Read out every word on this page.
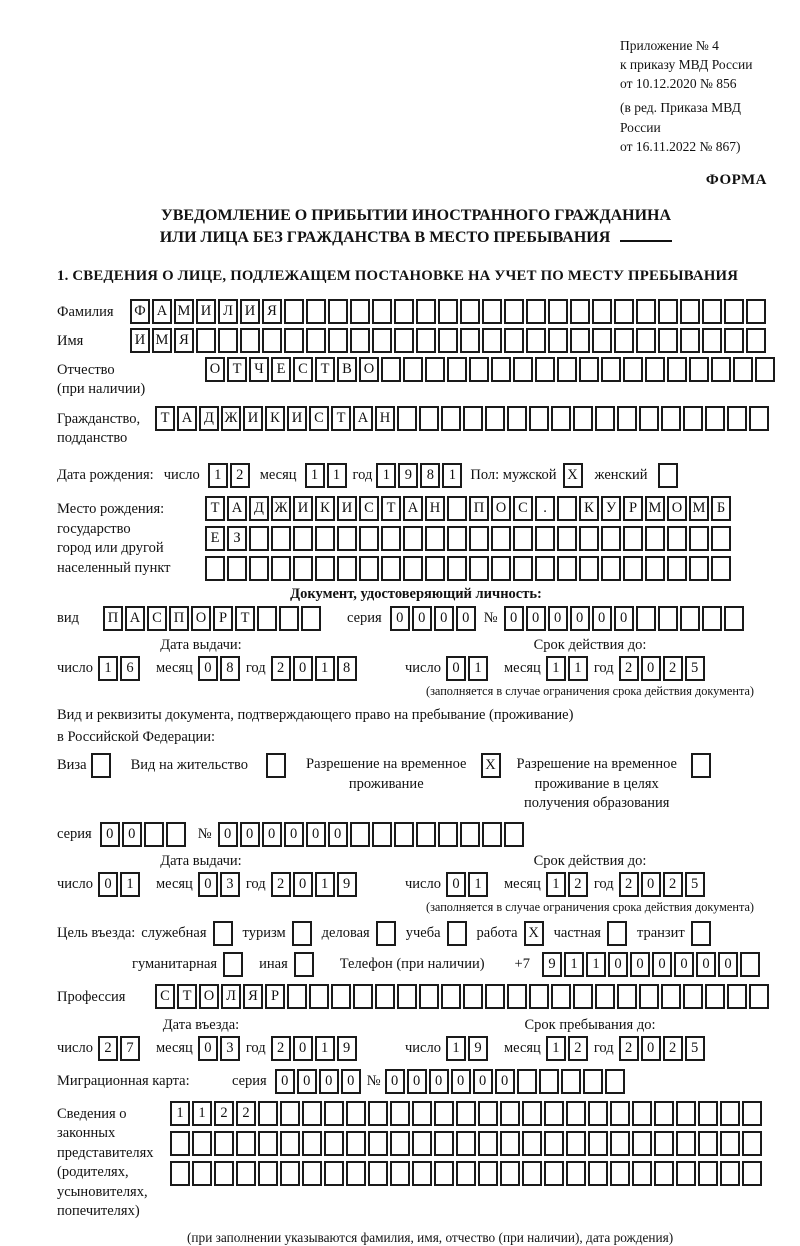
Приложение № 4
к приказу МВД России
от 10.12.2020 № 856
(в ред. Приказа МВД России
от 16.11.2022 № 867)
ФОРМА
УВЕДОМЛЕНИЕ О ПРИБЫТИИ ИНОСТРАННОГО ГРАЖДАНИНА
ИЛИ ЛИЦА БЕЗ ГРАЖДАНСТВА В МЕСТО ПРЕБЫВАНИЯ
1. СВЕДЕНИЯ О ЛИЦЕ, ПОДЛЕЖАЩЕМ ПОСТАНОВКЕ НА УЧЕТ ПО МЕСТУ ПРЕБЫВАНИЯ
Фамилия	Ф А М И Л И Я
Имя	И М Я
Отчество
(при наличии)
О Т Ч Е С Т В О
Гражданство,
подданство
Т А Д Ж И К И С Т А Н
Дата рождения: число 1	2	месяц 1	1 год 1	9	8	1 Пол: мужской X	женский
Место рождения:
государство
город или другой
населенный пункт
Т А Д Ж И К И С Т А Н	П О С	.	К У Р М О М Б
Е З
Документ, удостоверяющий личность:
вид	П А С П О Р Т	серия 0	0	0	0 № 0	0	0	0	0	0
Дата выдачи:
число 1	6	месяц 0	8 год 2	0	1	8
Срок действия до:
число 0	1	месяц 1	1 год 2	0	2	5
(заполняется в случае ограничения срока действия документа)
Вид и реквизиты документа, подтверждающего право на пребывание (проживание)
в Российской Федерации:
Виза	Вид на жительство	Разрешение на временное
проживание
X	Разрешение на временное
проживание в целях
получения образования
серия 0	0	№ 0	0	0	0	0	0
Дата выдачи:
число 0	1	месяц 0	3 год 2	0	1	9
Срок действия до:
число 0	1	месяц 1	2 год 2	0	2	5
(заполняется в случае ограничения срока действия документа)
Цель въезда: служебная	туризм	деловая	учеба	работа X	частная	транзит
гуманитарная	иная	Телефон (при наличии)	+7	9	1	1	0	0	0	0	0	0
Профессия	С Т О Л Я Р
Дата въезда:
число 2	7	месяц 0	3 год 2	0	1	9
Срок пребывания до:
число 1	9	месяц 1	2 год 2	0	2	5
Миграционная карта:	серия 0	0	0	0 № 0	0	0	0	0	0
Сведения о
законных
представителях
(родителях,
усыновителях,
попечителях)
1	1	2	2
(при заполнении указываются фамилия, имя, отчество (при наличии), дата рождения)
